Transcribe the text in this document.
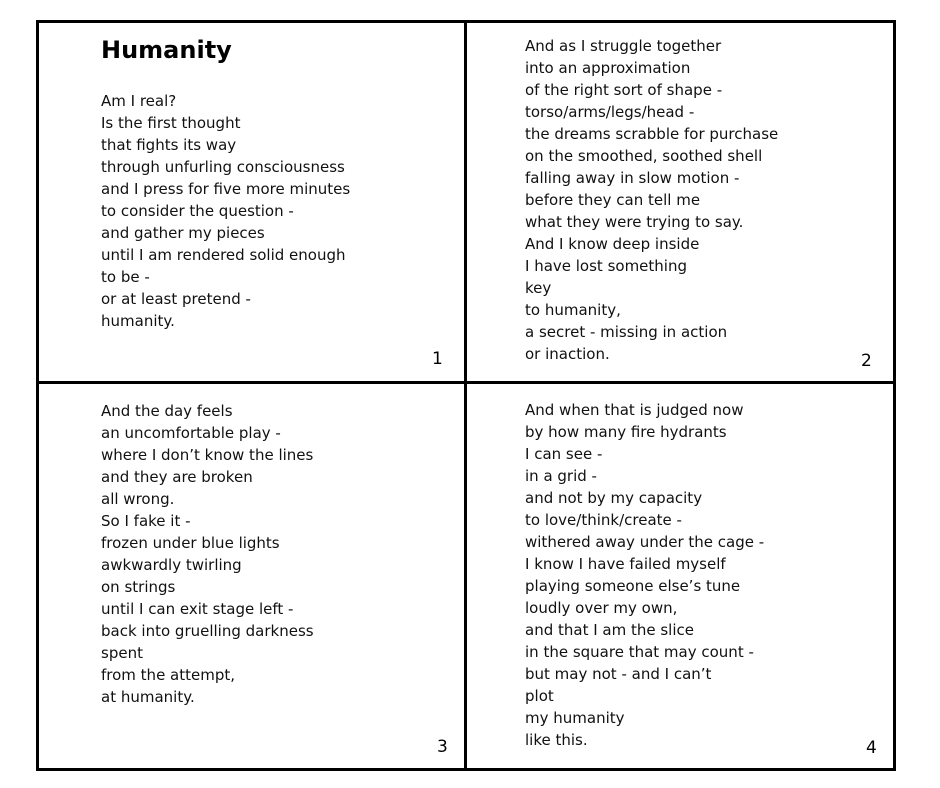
Humanity
Am I real?
Is the first thought
that fights its way
through unfurling consciousness
and I press for five more minutes
to consider the question -
and gather my pieces
until I am rendered solid enough
to be -
or at least pretend -
humanity.
And as I struggle together
into an approximation
of the right sort of shape -
torso/arms/legs/head -
the dreams scrabble for purchase
on the smoothed, soothed shell
falling away in slow motion -
before they can tell me
what they were trying to say.
And I know deep inside
I have lost something
key
to humanity,
a secret - missing in action
or inaction.
And the day feels
an uncomfortable play -
where I don’t know the lines
and they are broken
all wrong.
So I fake it -
frozen under blue lights
awkwardly twirling
on strings
until I can exit stage left -
back into gruelling darkness
spent
from the attempt,
at humanity.
And when that is judged now
by how many fire hydrants
I can see -
in a grid -
and not by my capacity
to love/think/create -
withered away under the cage -
I know I have failed myself
playing someone else’s tune
loudly over my own,
and that I am the slice
in the square that may count -
but may not - and I can’t
plot
my humanity
like this.
1	2
3	4
